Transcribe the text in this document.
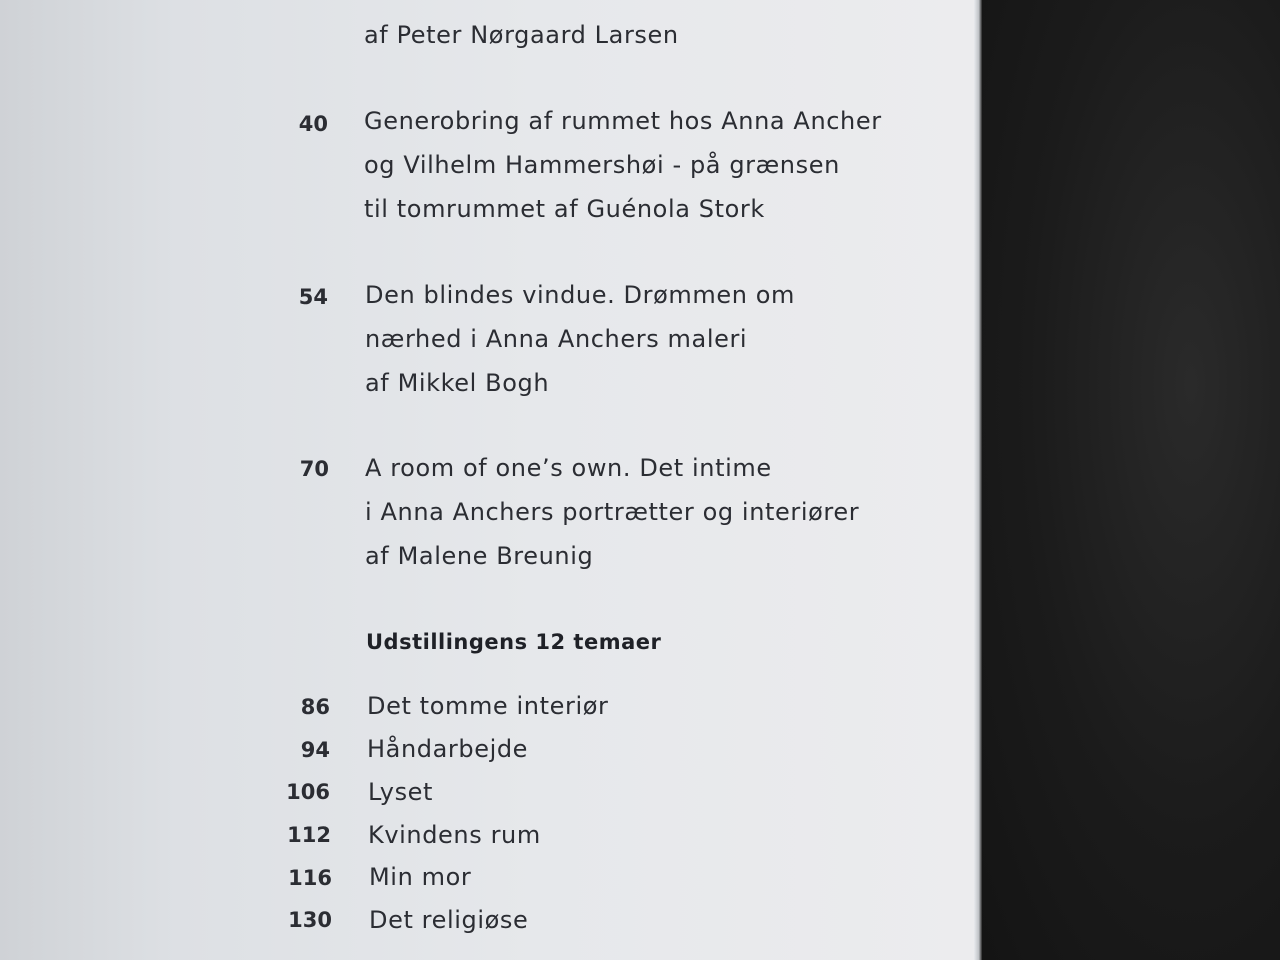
af Peter Nørgaard Larsen
40 Generobring af rummet hos Anna Ancher
og Vilhelm Hammershøi - på grænsen
til tomrummet af Guénola Stork
54 Den blindes vindue. Drømmen om
nærhed i Anna Anchers maleri
af Mikkel Bogh
70 A room of one’s own. Det intime
i Anna Anchers portrætter og interiører
af Malene Breunig
Udstillingens 12 temaer
86 Det tomme interiør
94 Håndarbejde
106 Lyset
112 Kvindens rum
116 Min mor
130 Det religiøse
